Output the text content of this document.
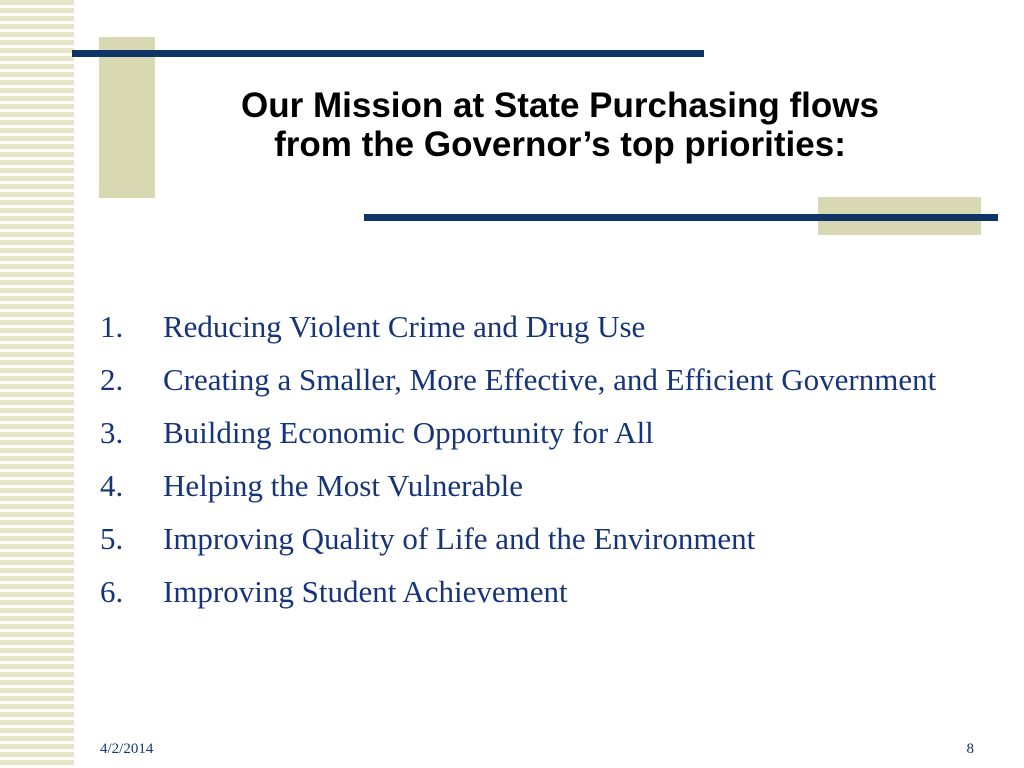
Our Mission at State Purchasing flows
from the Governor’s top priorities:
1.	Reducing Violent Crime and Drug Use
2.	Creating a Smaller, More Effective, and Efficient Government
3.	Building Economic Opportunity for All
4.	Helping the Most Vulnerable
5.	Improving Quality of Life and the Environment
6.	Improving Student Achievement
4/2/2014	8
